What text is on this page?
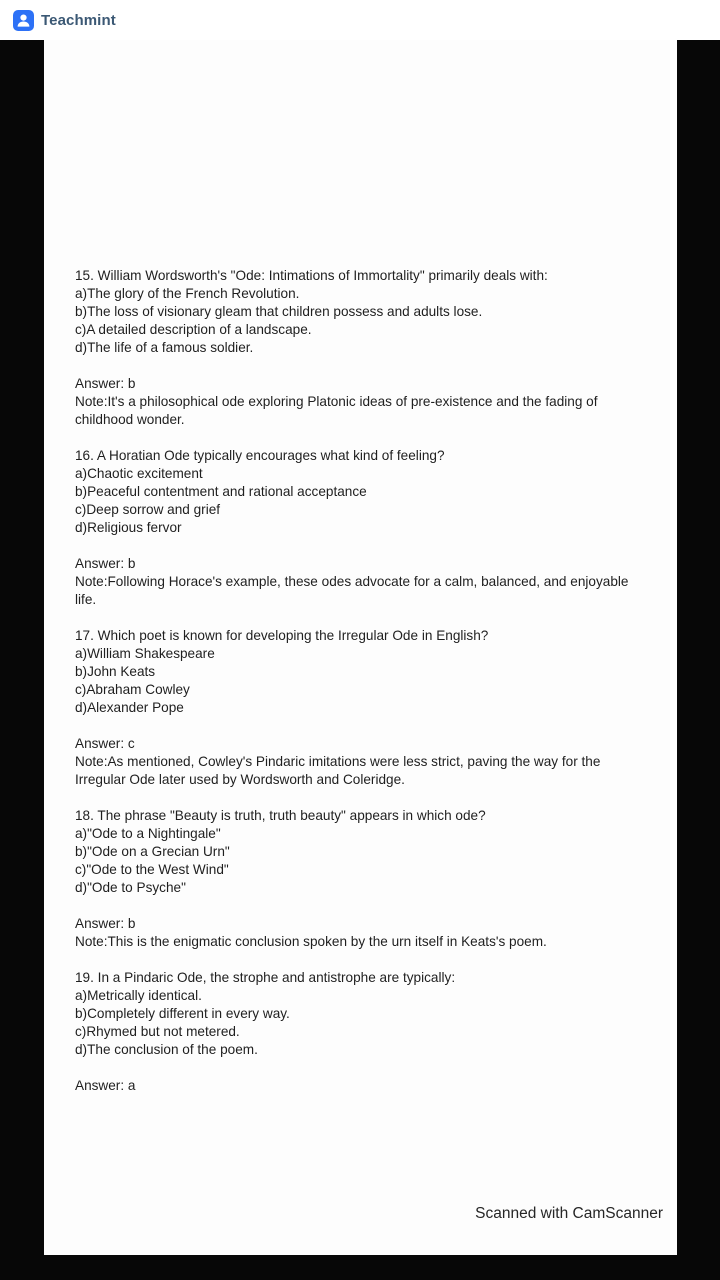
Teachmint
15. William Wordsworth's "Ode: Intimations of Immortality" primarily deals with:
a)The glory of the French Revolution.
b)The loss of visionary gleam that children possess and adults lose.
c)A detailed description of a landscape.
d)The life of a famous soldier.
Answer: b
Note:It's a philosophical ode exploring Platonic ideas of pre-existence and the fading of childhood wonder.
16. A Horatian Ode typically encourages what kind of feeling?
a)Chaotic excitement
b)Peaceful contentment and rational acceptance
c)Deep sorrow and grief
d)Religious fervor
Answer: b
Note:Following Horace's example, these odes advocate for a calm, balanced, and enjoyable life.
17. Which poet is known for developing the Irregular Ode in English?
a)William Shakespeare
b)John Keats
c)Abraham Cowley
d)Alexander Pope
Answer: c
Note:As mentioned, Cowley's Pindaric imitations were less strict, paving the way for the Irregular Ode later used by Wordsworth and Coleridge.
18. The phrase "Beauty is truth, truth beauty" appears in which ode?
a)"Ode to a Nightingale"
b)"Ode on a Grecian Urn"
c)"Ode to the West Wind"
d)"Ode to Psyche"
Answer: b
Note:This is the enigmatic conclusion spoken by the urn itself in Keats's poem.
19. In a Pindaric Ode, the strophe and antistrophe are typically:
a)Metrically identical.
b)Completely different in every way.
c)Rhymed but not metered.
d)The conclusion of the poem.
Answer: a
Scanned with CamScanner
